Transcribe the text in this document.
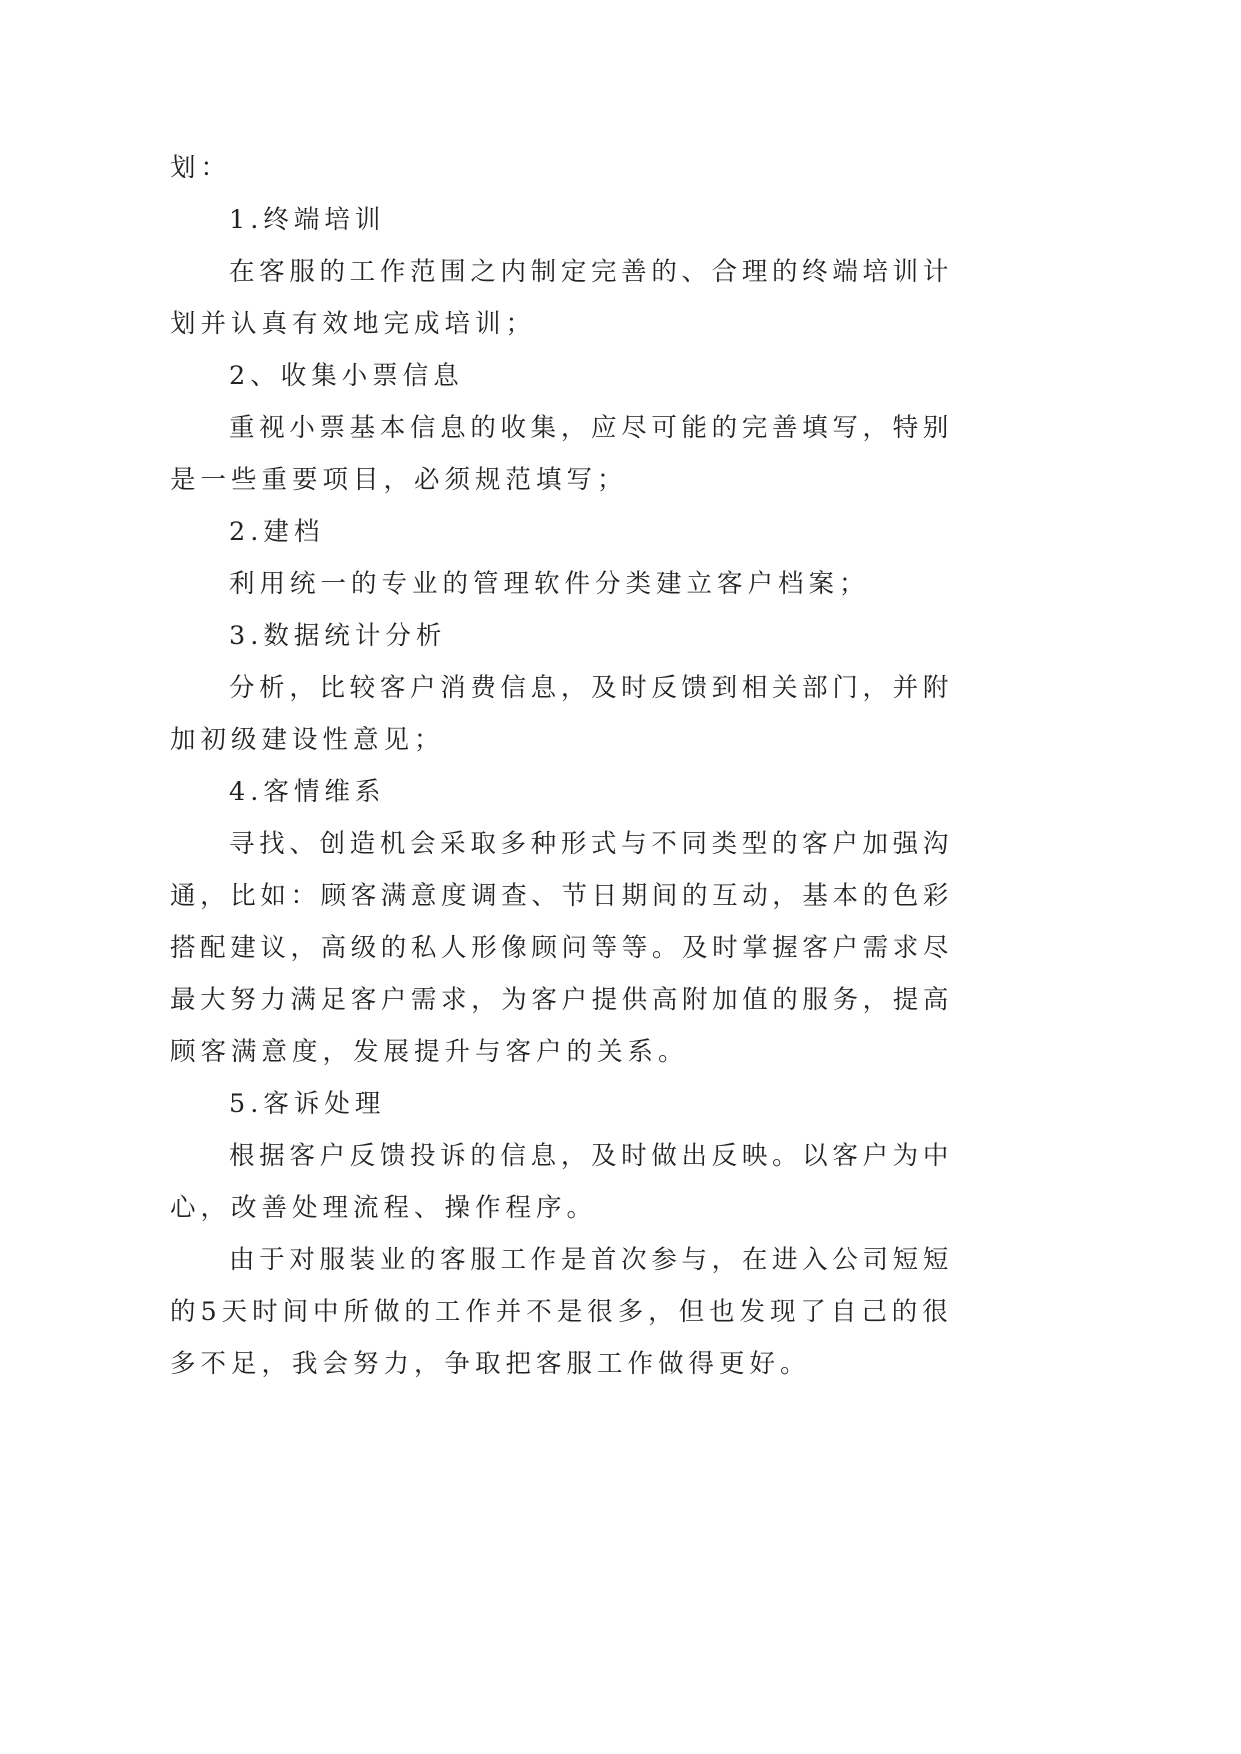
划：
1.终端培训
在客服的工作范围之内制定完善的、合理的终端培训计
划并认真有效地完成培训；
2、收集小票信息
重视小票基本信息的收集，应尽可能的完善填写，特别
是一些重要项目，必须规范填写；
2.建档
利用统一的专业的管理软件分类建立客户档案；
3.数据统计分析
分析，比较客户消费信息，及时反馈到相关部门，并附
加初级建设性意见；
4.客情维系
寻找、创造机会采取多种形式与不同类型的客户加强沟
通，比如：顾客满意度调查、节日期间的互动，基本的色彩
搭配建议，高级的私人形像顾问等等。及时掌握客户需求尽
最大努力满足客户需求，为客户提供高附加值的服务，提高
顾客满意度，发展提升与客户的关系。
5.客诉处理
根据客户反馈投诉的信息，及时做出反映。以客户为中
心，改善处理流程、操作程序。
由于对服装业的客服工作是首次参与，在进入公司短短
的5天时间中所做的工作并不是很多，但也发现了自己的很
多不足，我会努力，争取把客服工作做得更好。
